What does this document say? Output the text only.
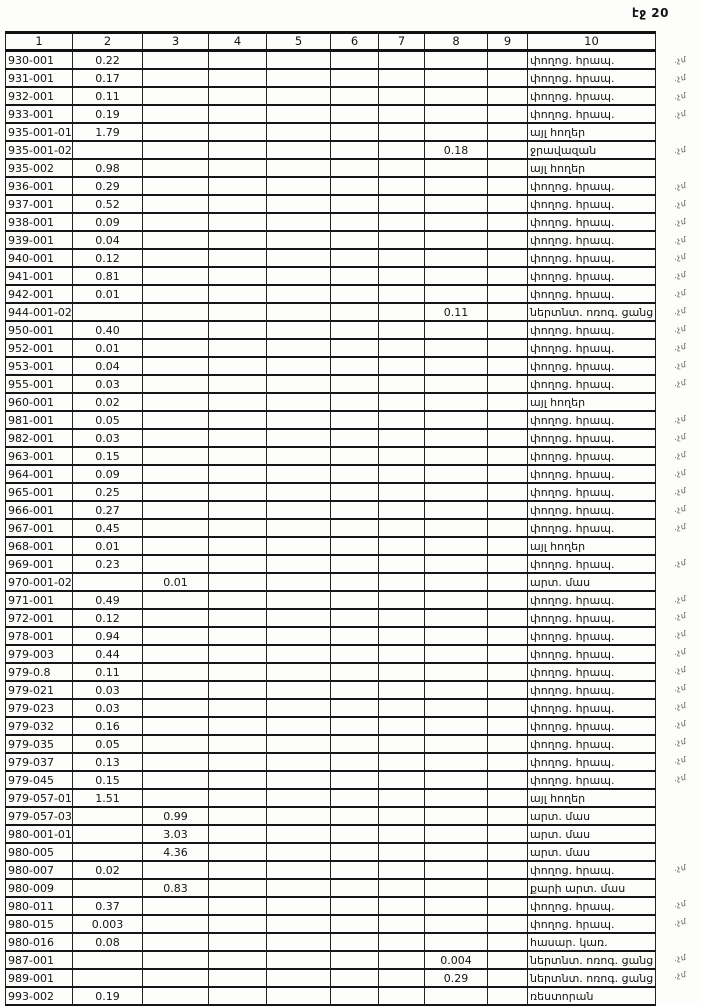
էջ 20
1	2	3	4	5	6	7	8	9	10
930-001	0.22								փողոց. հրապ.
931-001	0.17								փողոց. հրապ.
932-001	0.11								փողոց. հրապ.
933-001	0.19								փողոց. հրապ.
935-001-01	1.79								այլ հողեր
935-001-02							0.18		ջրավազան
935-002	0.98								այլ հողեր
936-001	0.29								փողոց. հրապ.
937-001	0.52								փողոց. հրապ.
938-001	0.09								փողոց. հրապ.
939-001	0.04								փողոց. հրապ.
940-001	0.12								փողոց. հրապ.
941-001	0.81								փողոց. հրապ.
942-001	0.01								փողոց. հրապ.
944-001-02							0.11		ներտնտ. ոռոգ. ցանց
950-001	0.40								փողոց. հրապ.
952-001	0.01								փողոց. հրապ.
953-001	0.04								փողոց. հրապ.
955-001	0.03								փողոց. հրապ.
960-001	0.02								այլ հողեր
981-001	0.05								փողոց. հրապ.
982-001	0.03								փողոց. հրապ.
963-001	0.15								փողոց. հրապ.
964-001	0.09								փողոց. հրապ.
965-001	0.25								փողոց. հրապ.
966-001	0.27								փողոց. հրապ.
967-001	0.45								փողոց. հրապ.
968-001	0.01								այլ հողեր
969-001	0.23								փողոց. հրապ.
970-001-02		0.01							արտ. մաս
971-001	0.49								փողոց. հրապ.
972-001	0.12								փողոց. հրապ.
978-001	0.94								փողոց. հրապ.
979-003	0.44								փողոց. հրապ.
979-0.8	0.11								փողոց. հրապ.
979-021	0.03								փողոց. հրապ.
979-023	0.03								փողոց. հրապ.
979-032	0.16								փողոց. հրապ.
979-035	0.05								փողոց. հրապ.
979-037	0.13								փողոց. հրապ.
979-045	0.15								փողոց. հրապ.
979-057-01	1.51								այլ հողեր
979-057-03		0.99							արտ. մաս
980-001-01		3.03							արտ. մաս
980-005		4.36							արտ. մաս
980-007	0.02								փողոց. հրապ.
980-009		0.83							քարի արտ. մաս
980-011	0.37								փողոց. հրապ.
980-015	0.003								փողոց. հրապ.
980-016	0.08								հասար. կառ.
987-001							0.004		ներտնտ. ոռոգ. ցանց
989-001							0.29		ներտնտ. ոռոգ. ցանց
993-002	0.19								ռեստորան
.չմ
.չմ
.չմ
.չմ
.չմ
.չմ
.չմ
.չմ
.չմ
.չմ
.չմ
.չմ
.չմ
.չմ
.չմ
.չմ
.չմ
.չմ
.չմ
.չմ
.չմ
.չմ
.չմ
.չմ
.չմ
.չմ
.չմ
.չմ
.չմ
.չմ
.չմ
.չմ
.չմ
.չմ
.չմ
.չմ
.չմ
.չմ
.չմ
.չմ
.չմ
